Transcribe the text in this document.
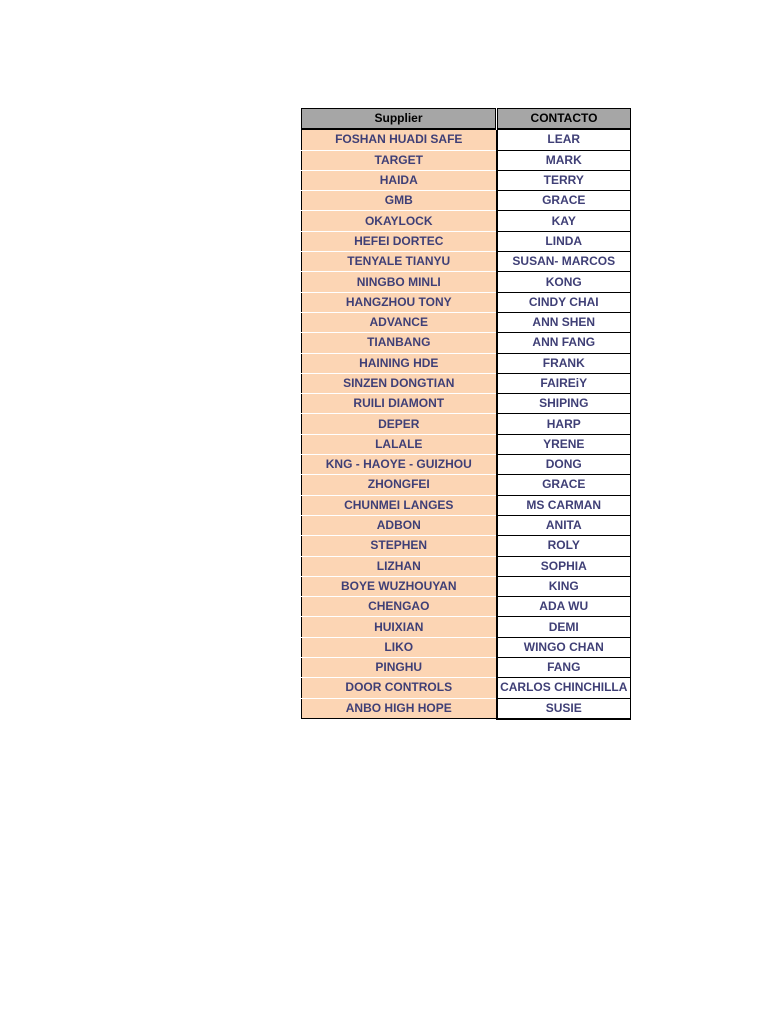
Supplier	CONTACTO
FOSHAN HUADI SAFE	LEAR
TARGET	MARK
HAIDA	TERRY
GMB	GRACE
OKAYLOCK	KAY
HEFEI DORTEC	LINDA
TENYALE TIANYU	SUSAN- MARCOS
NINGBO MINLI	KONG
HANGZHOU TONY	CINDY CHAI
ADVANCE	ANN SHEN
TIANBANG	ANN FANG
HAINING HDE	FRANK
SINZEN DONGTIAN	FAIREiY
RUILI DIAMONT	SHIPING
DEPER	HARP
LALALE	YRENE
KNG - HAOYE - GUIZHOU	DONG
ZHONGFEI	GRACE
CHUNMEI LANGES	MS CARMAN
ADBON	ANITA
STEPHEN	ROLY
LIZHAN	SOPHIA
BOYE WUZHOUYAN	KING
CHENGAO	ADA WU
HUIXIAN	DEMI
LIKO	WINGO CHAN
PINGHU	FANG
DOOR CONTROLS	CARLOS CHINCHILLA
ANBO HIGH HOPE	SUSIE
